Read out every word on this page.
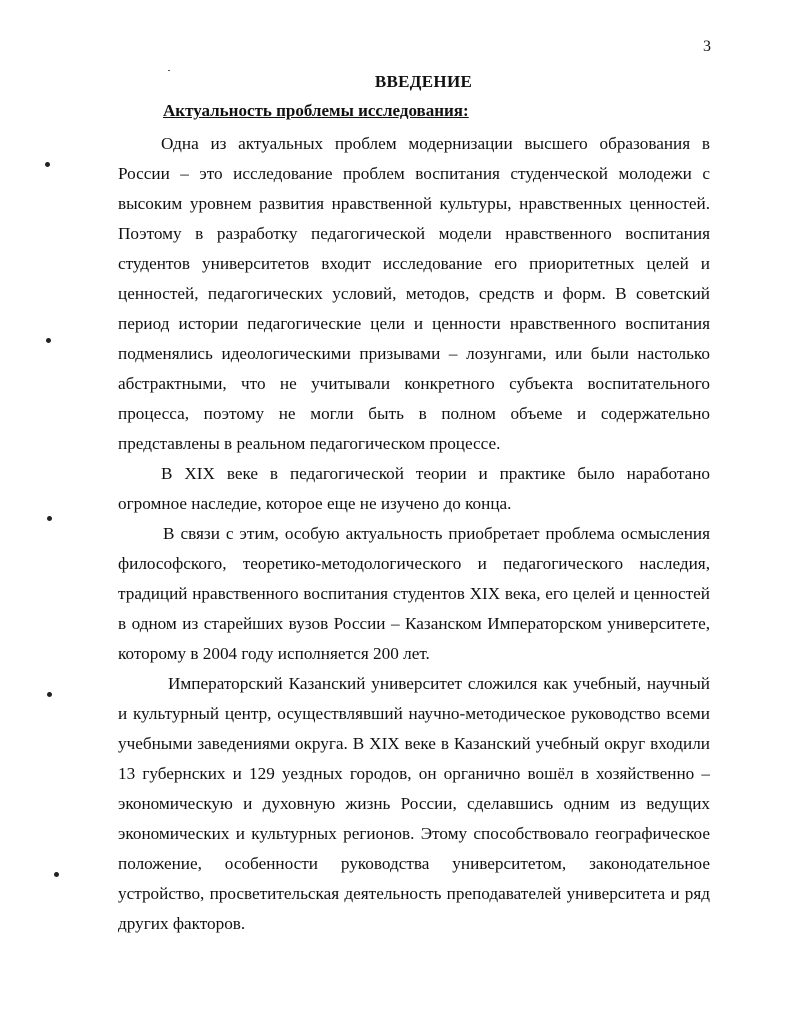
3
ВВЕДЕНИЕ
Актуальность проблемы исследования:

Одна из актуальных проблем модернизации высшего образования в России – это исследование проблем воспитания студенческой молодежи с высоким уровнем развития нравственной культуры, нравственных ценностей. Поэтому в разработку педагогической модели нравственного воспитания студентов университетов входит исследование его приоритетных целей и ценностей, педагогических условий, методов, средств и форм. В советский период истории педагогические цели и ценности нравственного воспитания подменялись идеологическими призывами – лозунгами, или были настолько абстрактными, что не учитывали конкретного субъекта воспитательного процесса, поэтому не могли быть в полном объеме и содержательно представлены в реальном педагогическом процессе.

В XIX веке в педагогической теории и практике было наработано огромное наследие, которое еще не изучено до конца.

В связи с этим, особую актуальность приобретает проблема осмысления философского, теоретико-методологического и педагогического наследия, традиций нравственного воспитания студентов XIX века, его целей и ценностей в одном из старейших вузов России – Казанском Императорском университете, которому в 2004 году исполняется 200 лет.

Императорский Казанский университет сложился как учебный, научный и культурный центр, осуществлявший научно-методическое руководство всеми учебными заведениями округа. В XIX веке в Казанский учебный округ входили 13 губернских и 129 уездных городов, он органично вошёл в хозяйственно – экономическую и духовную жизнь России, сделавшись одним из ведущих экономических и культурных регионов. Этому способствовало географическое положение, особенности руководства университетом, законодательное устройство, просветительская деятельность преподавателей университета и ряд других факторов.
